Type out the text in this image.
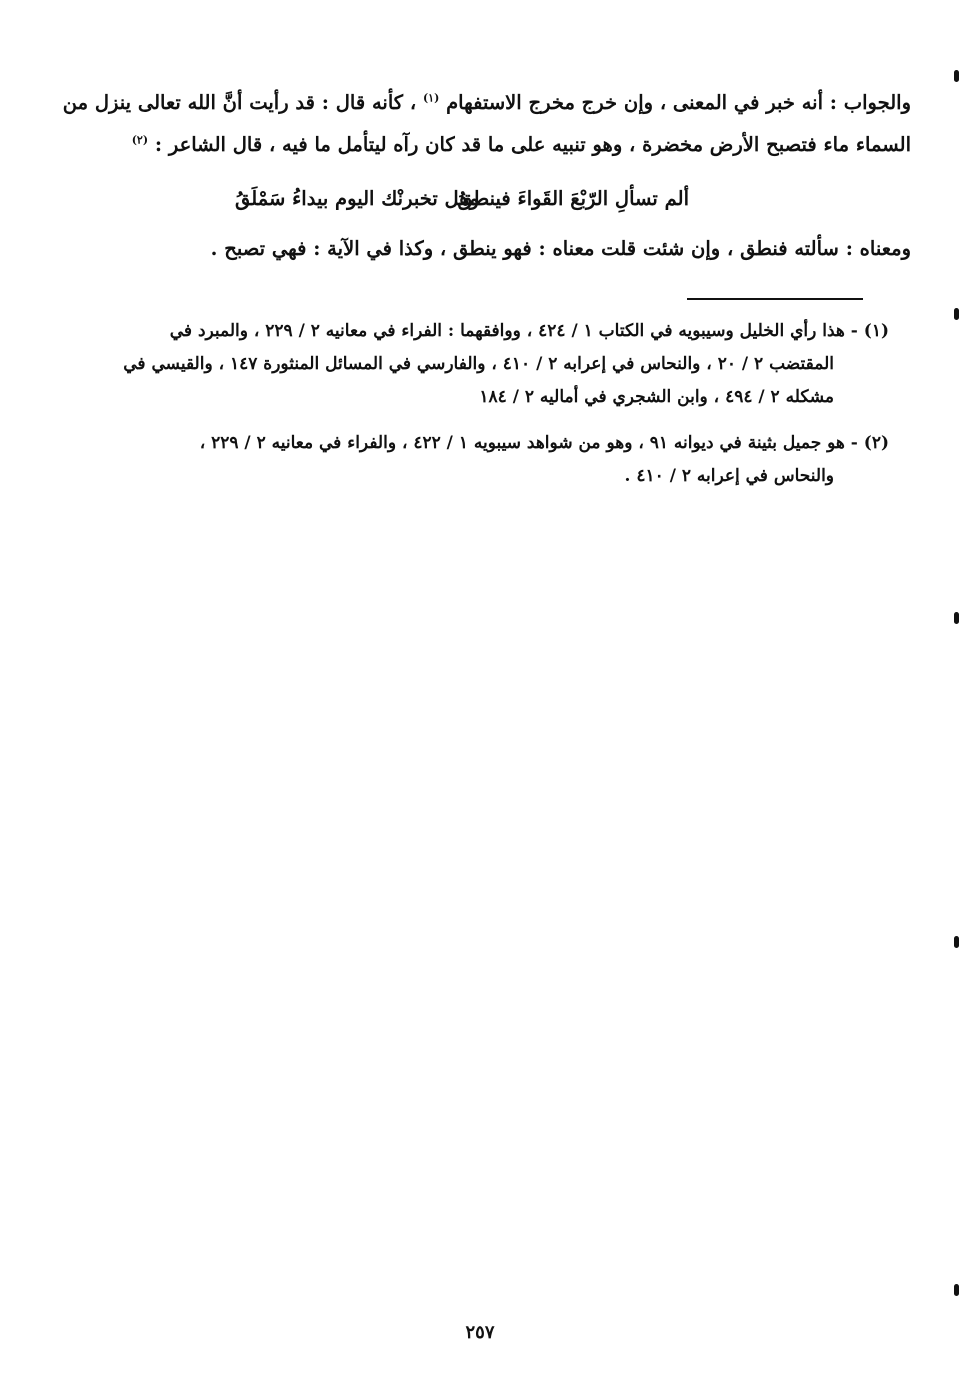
والجواب : أنه خبر في المعنى ، وإن خرج مخرج الاستفهام $^{(١)}$ ، كأنه قال : قد رأيت أنَّ الله تعالى ينزل من
السماء ماء فتصبح الأرض مخضرة ، وهو تنبيه على ما قد كان رآه ليتأمل ما فيه ، قال الشاعر : $^{(٢)}$
ألم تسألِ الرّبْعَ القَواءَ فينطقُ
وهل تخبرنْك اليوم بيداءُ سَمْلَقُ
ومعناه : سألته فنطق ، وإن شئت قلت معناه : فهو ينطق ، وكذا في الآية : فهي تصبح .
(١) - هذا رأي الخليل وسيبويه في الكتاب ١ / ٤٢٤ ، ووافقهما : الفراء في معانيه ٢ / ٢٢٩ ، والمبرد في
المقتضب ٢ / ٢٠ ، والنحاس في إعرابه ٢ / ٤١٠ ، والفارسي في المسائل المنثورة ١٤٧ ، والقيسي في
مشكله ٢ / ٤٩٤ ، وابن الشجري في أماليه ٢ / ١٨٤
(٢) - هو جميل بثينة في ديوانه ٩١ ، وهو من شواهد سيبويه ١ / ٤٢٢ ، والفراء في معانيه ٢ / ٢٢٩ ،
والنحاس في إعرابه ٢ / ٤١٠ .
٢٥٧
